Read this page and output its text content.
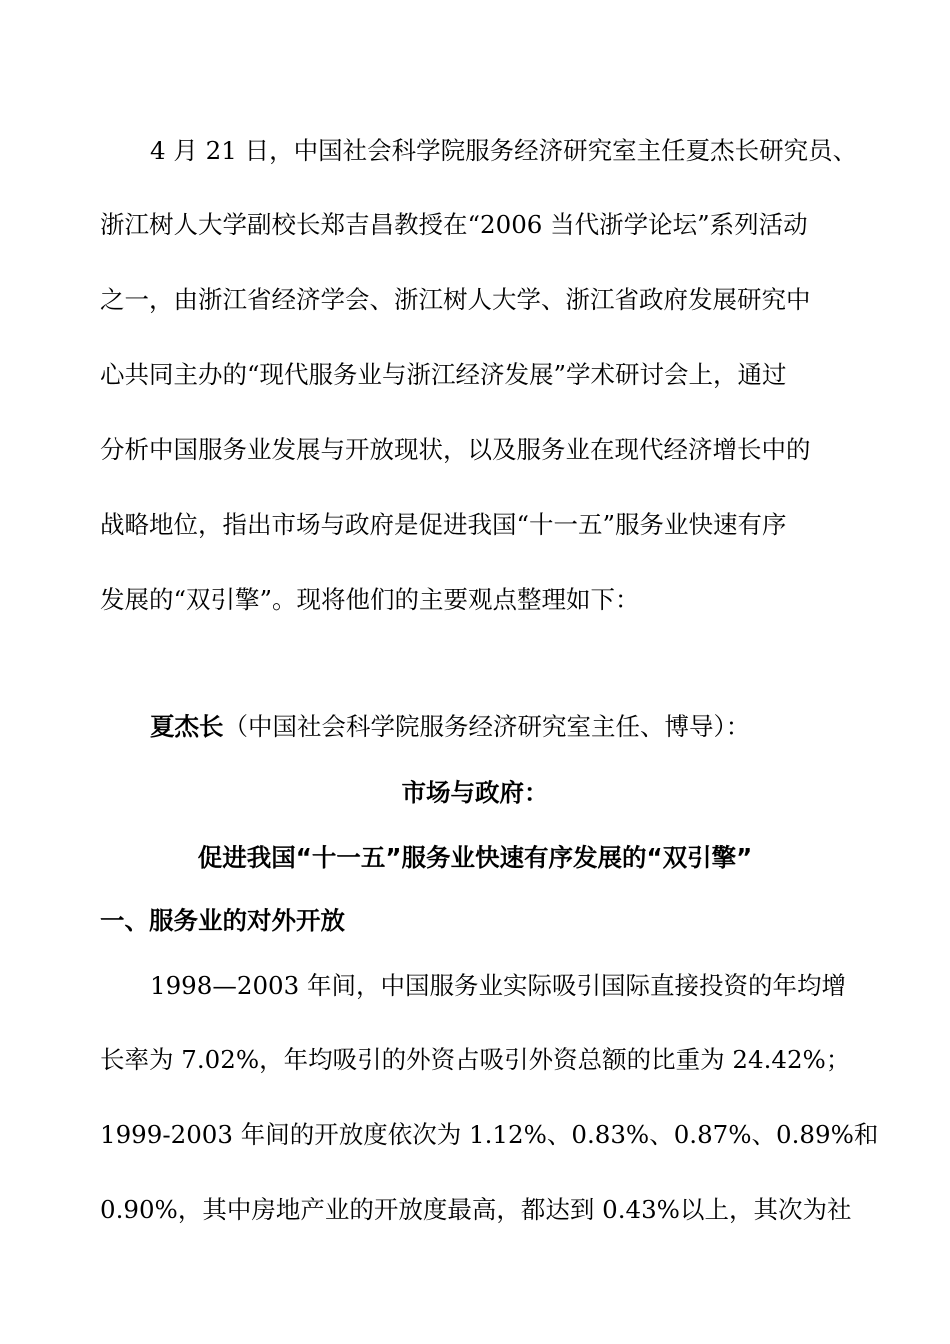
4 月 21 日，中国社会科学院服务经济研究室主任夏杰长研究员、
浙江树人大学副校长郑吉昌教授在“2006 当代浙学论坛”系列活动
之一，由浙江省经济学会、浙江树人大学、浙江省政府发展研究中
心共同主办的“现代服务业与浙江经济发展”学术研讨会上，通过
分析中国服务业发展与开放现状，以及服务业在现代经济增长中的
战略地位，指出市场与政府是促进我国“十一五”服务业快速有序
发展的“双引擎”。现将他们的主要观点整理如下：
夏杰长（中国社会科学院服务经济研究室主任、博导）：
市场与政府：
促进我国“十一五”服务业快速有序发展的“双引擎”
一、服务业的对外开放
1998—2003 年间，中国服务业实际吸引国际直接投资的年均增
长率为 7.02%，年均吸引的外资占吸引外资总额的比重为 24.42%；
1999-2003 年间的开放度依次为 1.12%、0.83%、0.87%、0.89%和
0.90%，其中房地产业的开放度最高，都达到 0.43%以上，其次为社
